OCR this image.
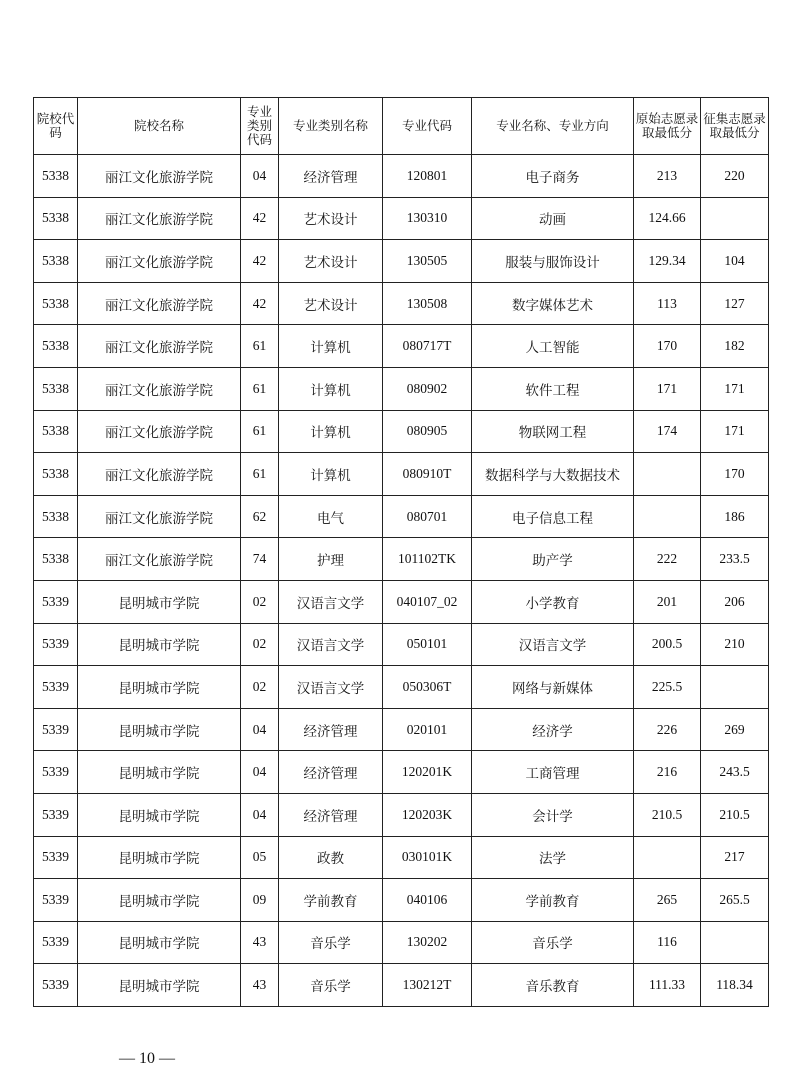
院校代码	院校名称	专业类别代码	专业类别名称	专业代码	专业名称、专业方向	原始志愿录取最低分	征集志愿录取最低分
5338	丽江文化旅游学院	04	经济管理	120801	电子商务	213	220
5338	丽江文化旅游学院	42	艺术设计	130310	动画	124.66	
5338	丽江文化旅游学院	42	艺术设计	130505	服装与服饰设计	129.34	104
5338	丽江文化旅游学院	42	艺术设计	130508	数字媒体艺术	113	127
5338	丽江文化旅游学院	61	计算机	080717T	人工智能	170	182
5338	丽江文化旅游学院	61	计算机	080902	软件工程	171	171
5338	丽江文化旅游学院	61	计算机	080905	物联网工程	174	171
5338	丽江文化旅游学院	61	计算机	080910T	数据科学与大数据技术		170
5338	丽江文化旅游学院	62	电气	080701	电子信息工程		186
5338	丽江文化旅游学院	74	护理	101102TK	助产学	222	233.5
5339	昆明城市学院	02	汉语言文学	040107_02	小学教育	201	206
5339	昆明城市学院	02	汉语言文学	050101	汉语言文学	200.5	210
5339	昆明城市学院	02	汉语言文学	050306T	网络与新媒体	225.5	
5339	昆明城市学院	04	经济管理	020101	经济学	226	269
5339	昆明城市学院	04	经济管理	120201K	工商管理	216	243.5
5339	昆明城市学院	04	经济管理	120203K	会计学	210.5	210.5
5339	昆明城市学院	05	政教	030101K	法学		217
5339	昆明城市学院	09	学前教育	040106	学前教育	265	265.5
5339	昆明城市学院	43	音乐学	130202	音乐学	116	
5339	昆明城市学院	43	音乐学	130212T	音乐教育	111.33	118.34
— 10 —
